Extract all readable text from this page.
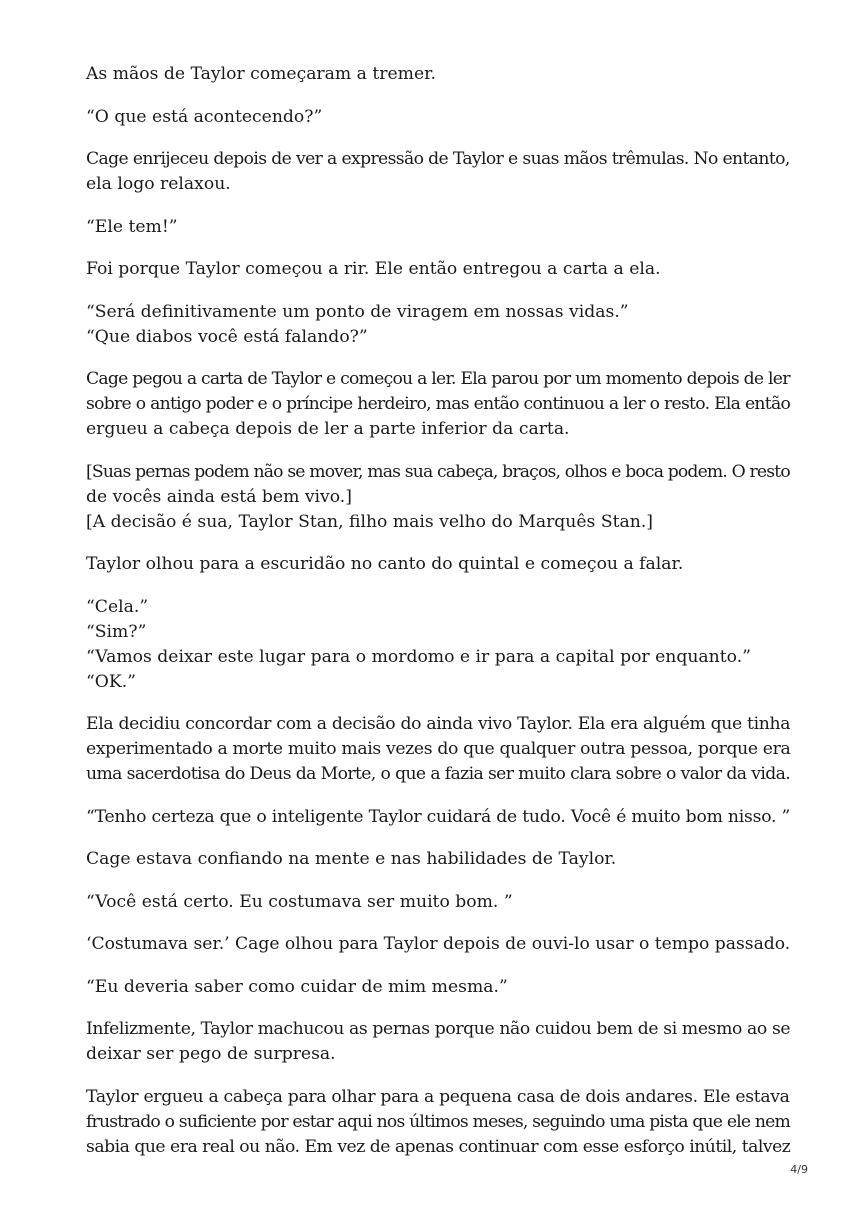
As mãos de Taylor começaram a tremer.

“O que está acontecendo?”

Cage enrijeceu depois de ver a expressão de Taylor e suas mãos trêmulas. No entanto,
ela logo relaxou.

“Ele tem!”

Foi porque Taylor começou a rir. Ele então entregou a carta a ela.

“Será definitivamente um ponto de viragem em nossas vidas.”
“Que diabos você está falando?”

Cage pegou a carta de Taylor e começou a ler. Ela parou por um momento depois de ler
sobre o antigo poder e o príncipe herdeiro, mas então continuou a ler o resto. Ela então
ergueu a cabeça depois de ler a parte inferior da carta.

[Suas pernas podem não se mover, mas sua cabeça, braços, olhos e boca podem. O resto
de vocês ainda está bem vivo.]
[A decisão é sua, Taylor Stan, filho mais velho do Marquês Stan.]

Taylor olhou para a escuridão no canto do quintal e começou a falar.

“Cela.”
“Sim?”
“Vamos deixar este lugar para o mordomo e ir para a capital por enquanto.”
“OK.”

Ela decidiu concordar com a decisão do ainda vivo Taylor. Ela era alguém que tinha
experimentado a morte muito mais vezes do que qualquer outra pessoa, porque era
uma sacerdotisa do Deus da Morte, o que a fazia ser muito clara sobre o valor da vida.

“Tenho certeza que o inteligente Taylor cuidará de tudo. Você é muito bom nisso. ”

Cage estava confiando na mente e nas habilidades de Taylor.

“Você está certo. Eu costumava ser muito bom. ”

‘Costumava ser.’ Cage olhou para Taylor depois de ouvi-lo usar o tempo passado.

“Eu deveria saber como cuidar de mim mesma.”

Infelizmente, Taylor machucou as pernas porque não cuidou bem de si mesmo ao se
deixar ser pego de surpresa.

Taylor ergueu a cabeça para olhar para a pequena casa de dois andares. Ele estava
frustrado o suficiente por estar aqui nos últimos meses, seguindo uma pista que ele nem
sabia que era real ou não. Em vez de apenas continuar com esse esforço inútil, talvez

4/9
